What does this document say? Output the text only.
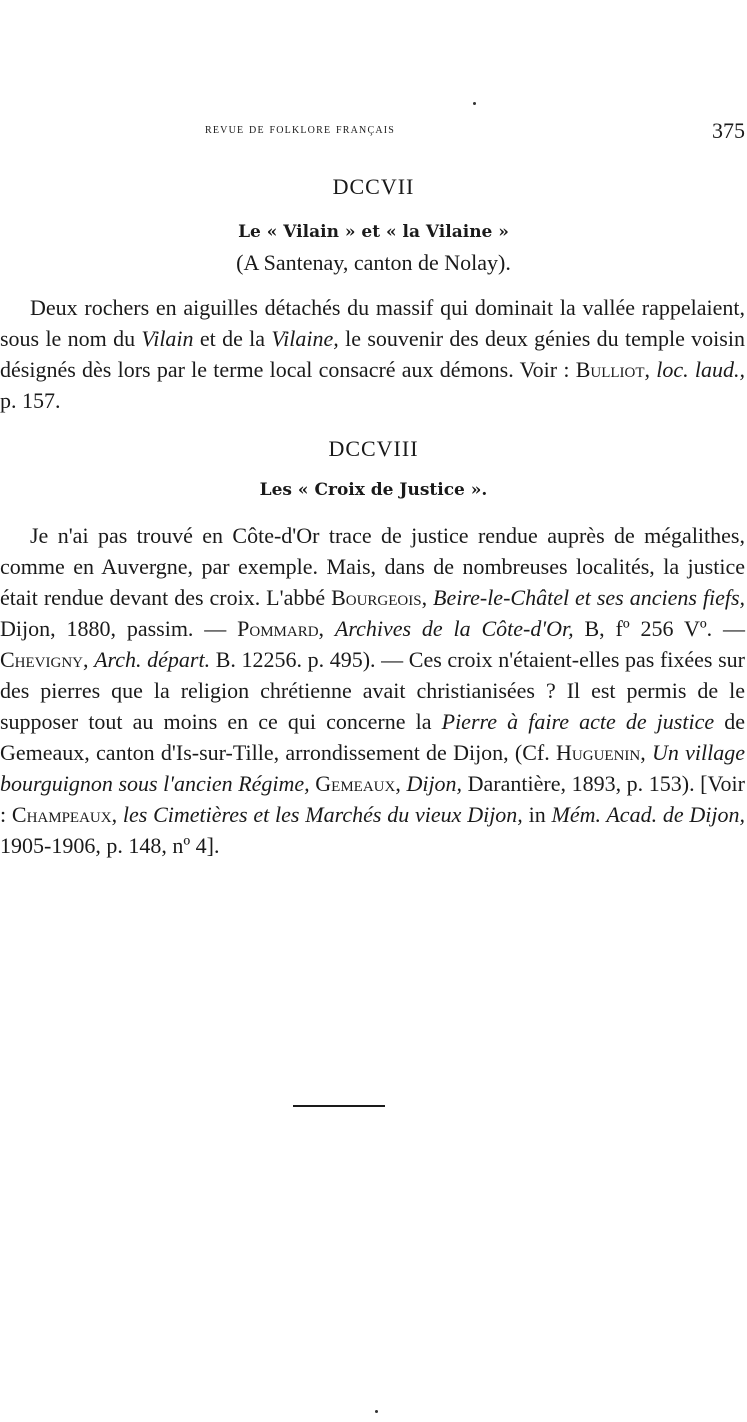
revue de folklore français	375
DCCVII
Le « Vilain » et « la Vilaine »
(A Santenay, canton de Nolay).

Deux rochers en aiguilles détachés du massif qui dominait la vallée rappelaient, sous le nom du Vilain et de la Vilaine, le souvenir des deux génies du temple voisin désignés dès lors par le terme local consacré aux démons. Voir : Bulliot, loc. laud., p. 157.

DCCVIII
Les « Croix de Justice ».

Je n'ai pas trouvé en Côte-d'Or trace de justice rendue auprès de mégalithes, comme en Auvergne, par exemple. Mais, dans de nombreuses localités, la justice était rendue devant des croix. L'abbé Bourgeois, Beire-le-Châtel et ses anciens fiefs, Dijon, 1880, passim. — Pommard, Archives de la Côte-d'Or, B, fº 256 Vº. — Chevigny, Arch. départ. B. 12256. p. 495). — Ces croix n'étaient-elles pas fixées sur des pierres que la religion chrétienne avait christianisées ? Il est permis de le supposer tout au moins en ce qui concerne la Pierre à faire acte de justice de Gemeaux, canton d'Is-sur-Tille, arrondissement de Dijon, (Cf. Huguenin, Un village bourguignon sous l'ancien Régime, Gemeaux, Dijon, Darantière, 1893, p. 153). [Voir : Champeaux, les Cimetières et les Marchés du vieux Dijon, in Mém. Acad. de Dijon, 1905-1906, p. 148, nº 4].
